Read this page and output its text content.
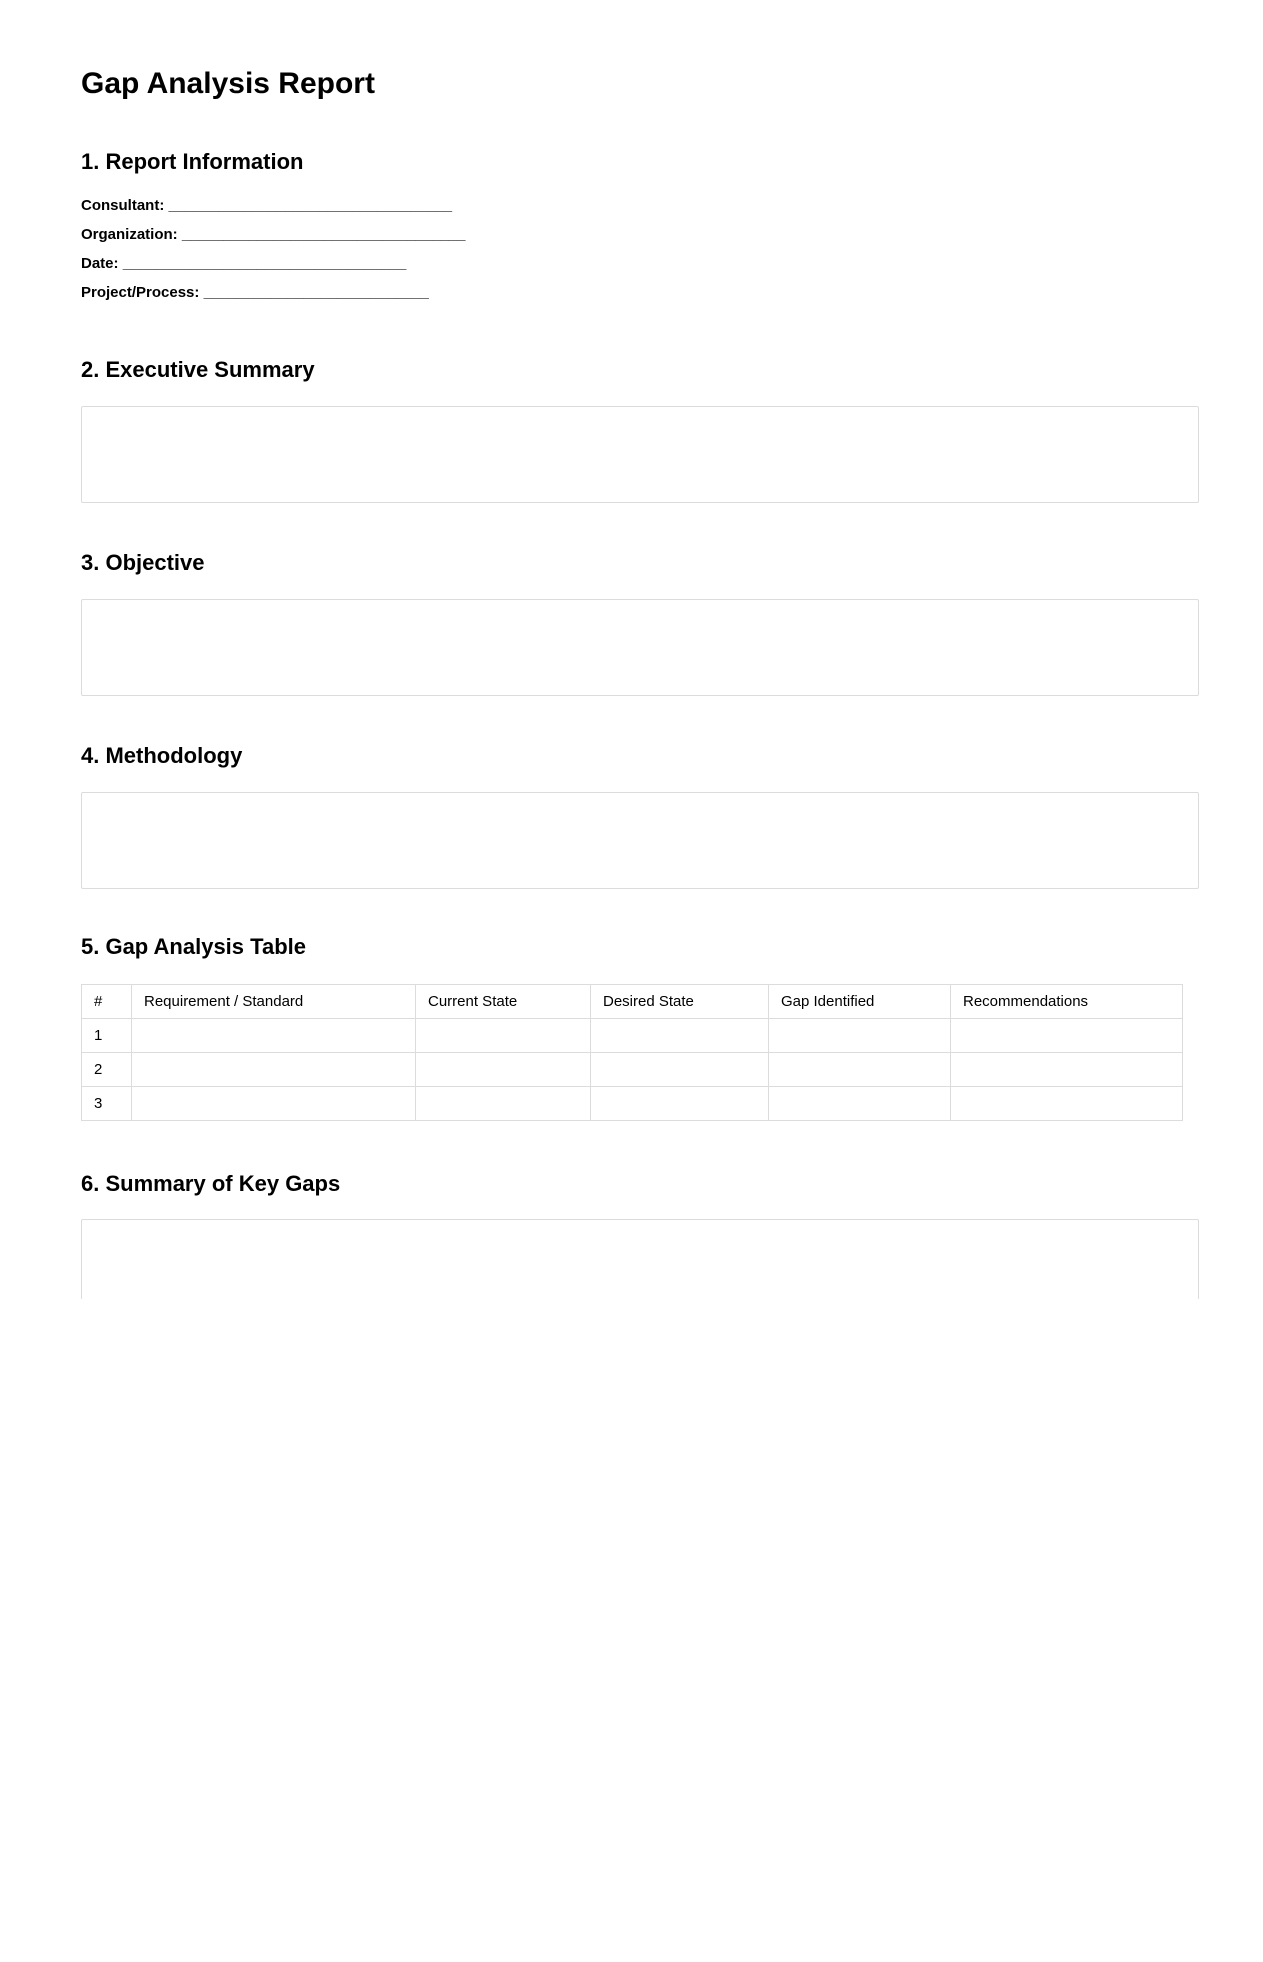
Gap Analysis Report
1. Report Information
Consultant: __________________________________
Organization: __________________________________
Date: __________________________________
Project/Process: ___________________________
2. Executive Summary
3. Objective
4. Methodology
5. Gap Analysis Table
#	Requirement / Standard	Current State	Desired State	Gap Identified	Recommendations
1					
2					
3					
6. Summary of Key Gaps
